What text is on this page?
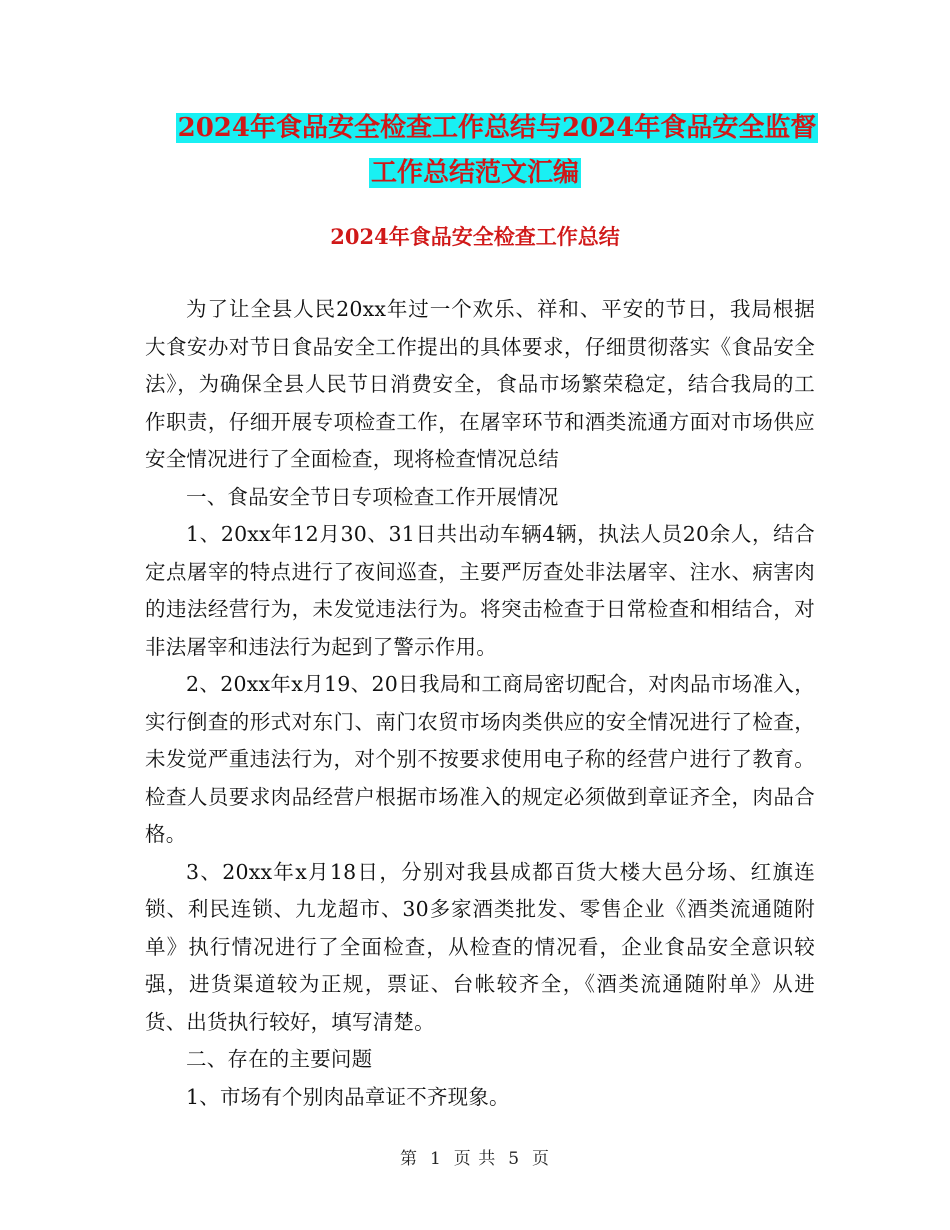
2024年食品安全检查工作总结与2024年食品安全监督
工作总结范文汇编
2024年食品安全检查工作总结

为了让全县人民20xx年过一个欢乐、祥和、平安的节日，我局根据大食安办对节日食品安全工作提出的具体要求，仔细贯彻落实《食品安全法》，为确保全县人民节日消费安全，食品市场繁荣稳定，结合我局的工作职责，仔细开展专项检查工作，在屠宰环节和酒类流通方面对市场供应安全情况进行了全面检查，现将检查情况总结

一、食品安全节日专项检查工作开展情况

1、20xx年12月30、31日共出动车辆4辆，执法人员20余人，结合定点屠宰的特点进行了夜间巡查，主要严厉查处非法屠宰、注水、病害肉的违法经营行为，未发觉违法行为。将突击检查于日常检查和相结合，对非法屠宰和违法行为起到了警示作用。

2、20xx年x月19、20日我局和工商局密切配合，对肉品市场准入，实行倒查的形式对东门、南门农贸市场肉类供应的安全情况进行了检查，未发觉严重违法行为，对个别不按要求使用电子称的经营户进行了教育。检查人员要求肉品经营户根据市场准入的规定必须做到章证齐全，肉品合格。

3、20xx年x月18日，分别对我县成都百货大楼大邑分场、红旗连锁、利民连锁、九龙超市、30多家酒类批发、零售企业《酒类流通随附单》执行情况进行了全面检查，从检查的情况看，企业食品安全意识较强，进货渠道较为正规，票证、台帐较齐全，《酒类流通随附单》从进货、出货执行较好，填写清楚。

二、存在的主要问题

1、市场有个别肉品章证不齐现象。

第 1 页 共 5 页
